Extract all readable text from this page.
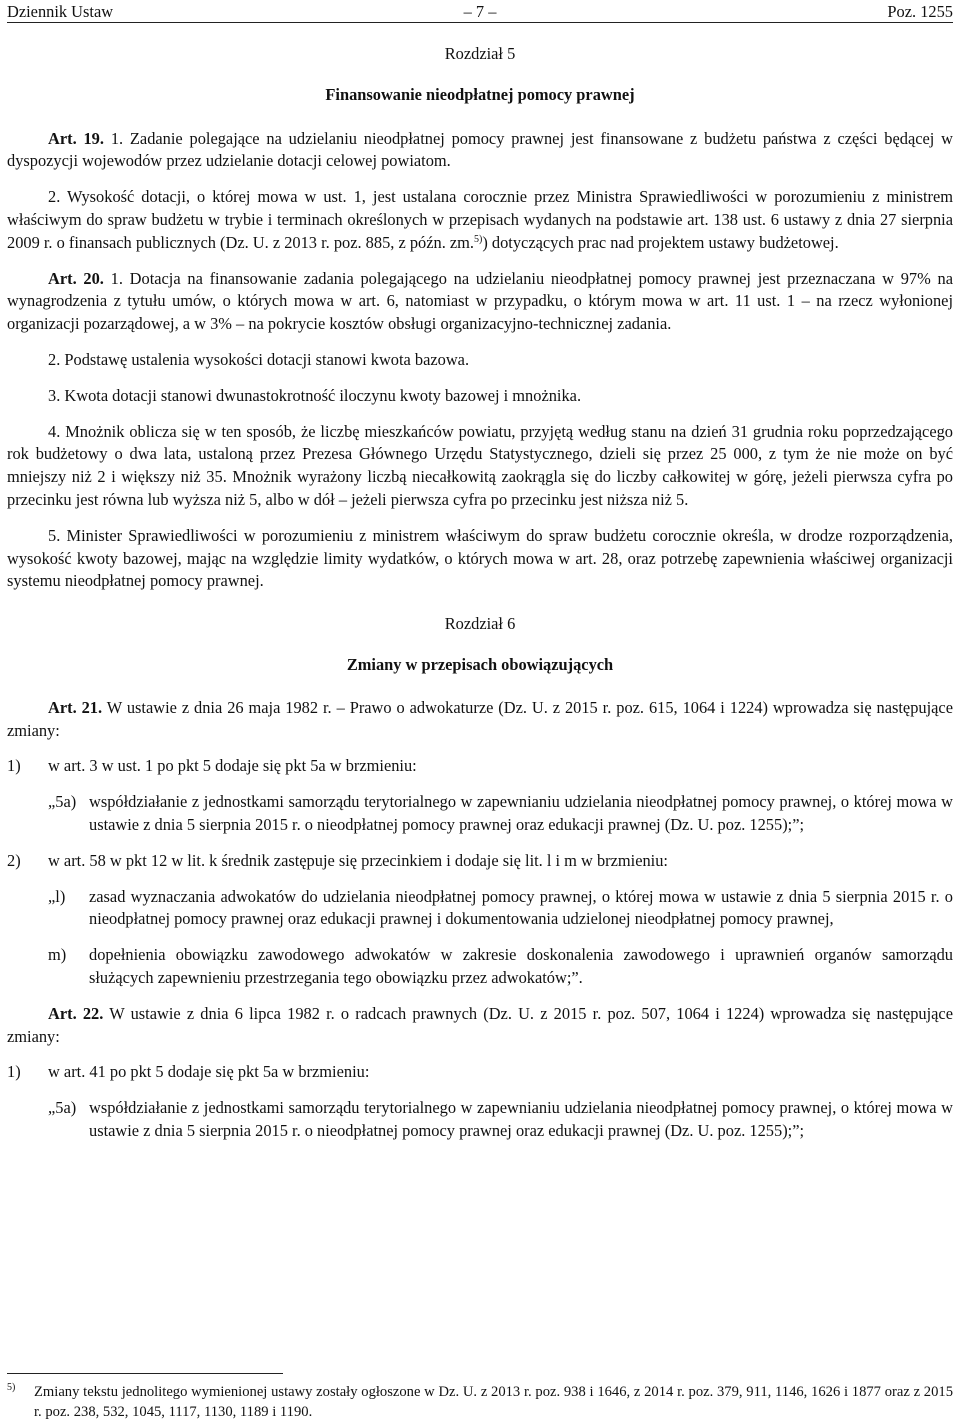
Dziennik Ustaw	– 7 –	Poz. 1255
Rozdział 5
Finansowanie nieodpłatnej pomocy prawnej

Art. 19. 1. Zadanie polegające na udzielaniu nieodpłatnej pomocy prawnej jest finansowane z budżetu państwa z części będącej w dyspozycji wojewodów przez udzielanie dotacji celowej powiatom.

2. Wysokość dotacji, o której mowa w ust. 1, jest ustalana corocznie przez Ministra Sprawiedliwości w porozumieniu z ministrem właściwym do spraw budżetu w trybie i terminach określonych w przepisach wydanych na podstawie art. 138 ust. 6 ustawy z dnia 27 sierpnia 2009 r. o finansach publicznych (Dz. U. z 2013 r. poz. 885, z późn. zm.$^{5)}$) dotyczących prac nad projektem ustawy budżetowej.

Art. 20. 1. Dotacja na finansowanie zadania polegającego na udzielaniu nieodpłatnej pomocy prawnej jest przeznaczana w 97% na wynagrodzenia z tytułu umów, o których mowa w art. 6, natomiast w przypadku, o którym mowa w art. 11 ust. 1 – na rzecz wyłonionej organizacji pozarządowej, a w 3% – na pokrycie kosztów obsługi organizacyjno-technicznej zadania.

2. Podstawę ustalenia wysokości dotacji stanowi kwota bazowa.

3. Kwota dotacji stanowi dwunastokrotność iloczynu kwoty bazowej i mnożnika.

4. Mnożnik oblicza się w ten sposób, że liczbę mieszkańców powiatu, przyjętą według stanu na dzień 31 grudnia roku poprzedzającego rok budżetowy o dwa lata, ustaloną przez Prezesa Głównego Urzędu Statystycznego, dzieli się przez 25 000, z tym że nie może on być mniejszy niż 2 i większy niż 35. Mnożnik wyrażony liczbą niecałkowitą zaokrągla się do liczby całkowitej w górę, jeżeli pierwsza cyfra po przecinku jest równa lub wyższa niż 5, albo w dół – jeżeli pierwsza cyfra po przecinku jest niższa niż 5.

5. Minister Sprawiedliwości w porozumieniu z ministrem właściwym do spraw budżetu corocznie określa, w drodze rozporządzenia, wysokość kwoty bazowej, mając na względzie limity wydatków, o których mowa w art. 28, oraz potrzebę zapewnienia właściwej organizacji systemu nieodpłatnej pomocy prawnej.

Rozdział 6
Zmiany w przepisach obowiązujących

Art. 21. W ustawie z dnia 26 maja 1982 r. – Prawo o adwokaturze (Dz. U. z 2015 r. poz. 615, 1064 i 1224) wprowadza się następujące zmiany:

1) w art. 3 w ust. 1 po pkt 5 dodaje się pkt 5a w brzmieniu:
„5a) współdziałanie z jednostkami samorządu terytorialnego w zapewnianiu udzielania nieodpłatnej pomocy prawnej, o której mowa w ustawie z dnia 5 sierpnia 2015 r. o nieodpłatnej pomocy prawnej oraz edukacji prawnej (Dz. U. poz. 1255);”;
2) w art. 58 w pkt 12 w lit. k średnik zastępuje się przecinkiem i dodaje się lit. l i m w brzmieniu:
„l) zasad wyznaczania adwokatów do udzielania nieodpłatnej pomocy prawnej, o której mowa w ustawie z dnia 5 sierpnia 2015 r. o nieodpłatnej pomocy prawnej oraz edukacji prawnej i dokumentowania udzielonej nieodpłatnej pomocy prawnej,
m) dopełnienia obowiązku zawodowego adwokatów w zakresie doskonalenia zawodowego i uprawnień organów samorządu służących zapewnieniu przestrzegania tego obowiązku przez adwokatów;”.

Art. 22. W ustawie z dnia 6 lipca 1982 r. o radcach prawnych (Dz. U. z 2015 r. poz. 507, 1064 i 1224) wprowadza się następujące zmiany:

1) w art. 41 po pkt 5 dodaje się pkt 5a w brzmieniu:
„5a) współdziałanie z jednostkami samorządu terytorialnego w zapewnianiu udzielania nieodpłatnej pomocy prawnej, o której mowa w ustawie z dnia 5 sierpnia 2015 r. o nieodpłatnej pomocy prawnej oraz edukacji prawnej (Dz. U. poz. 1255);”;
5)	Zmiany tekstu jednolitego wymienionej ustawy zostały ogłoszone w Dz. U. z 2013 r. poz. 938 i 1646, z 2014 r. poz. 379, 911, 1146, 1626 i 1877 oraz z 2015 r. poz. 238, 532, 1045, 1117, 1130, 1189 i 1190.
